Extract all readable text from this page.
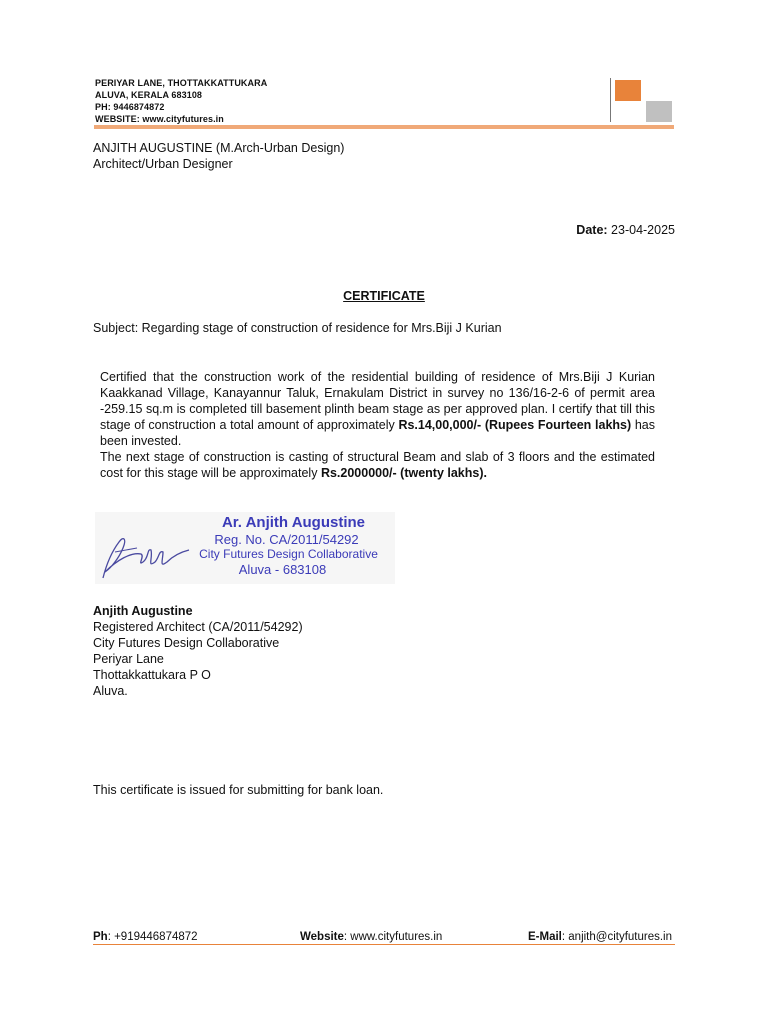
PERIYAR LANE, THOTTAKKATTUKARA
ALUVA, KERALA 683108
PH: 9446874872
WEBSITE: www.cityfutures.in
ANJITH AUGUSTINE (M.Arch-Urban Design)
Architect/Urban Designer
Date: 23-04-2025
CERTIFICATE
Subject: Regarding stage of construction of residence for Mrs.Biji J Kurian
Certified that the construction work of the residential building of residence of Mrs.Biji J Kurian Kaakkanad Village, Kanayannur Taluk, Ernakulam District in survey no 136/16-2-6 of permit area -259.15 sq.m is completed till basement plinth beam stage as per approved plan. I certify that till this stage of construction a total amount of approximately Rs.14,00,000/- (Rupees Fourteen lakhs) has been invested.
The next stage of construction is casting of structural Beam and slab of 3 floors and the estimated cost for this stage will be approximately Rs.2000000/- (twenty lakhs).
Ar. Anjith Augustine
Reg. No. CA/2011/54292
City Futures Design Collaborative
Aluva - 683108
Anjith Augustine
Registered Architect (CA/2011/54292)
City Futures Design Collaborative
Periyar Lane
Thottakkattukara P O
Aluva.
This certificate is issued for submitting for bank loan.
Ph: +919446874872	Website: www.cityfutures.in	E-Mail: anjith@cityfutures.in
